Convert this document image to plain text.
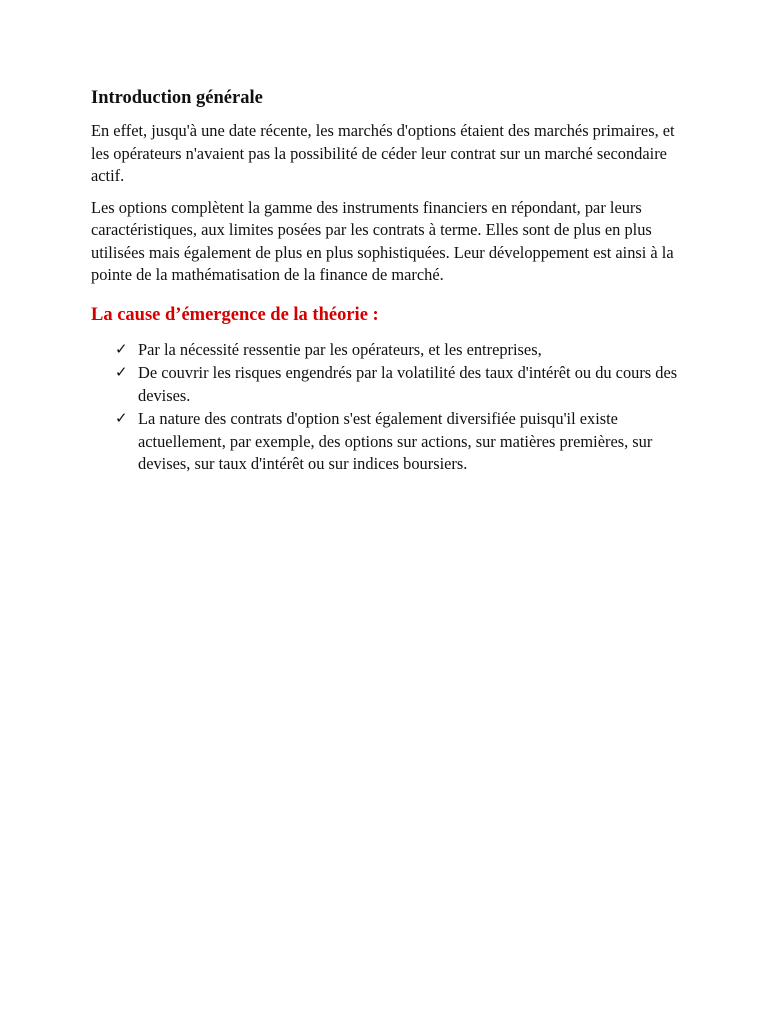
Introduction générale

En effet, jusqu'à une date récente, les marchés d'options étaient des marchés primaires, et les opérateurs n'avaient pas la possibilité de céder leur contrat sur un marché secondaire actif.

Les options complètent la gamme des instruments financiers en répondant, par leurs caractéristiques, aux limites posées par les contrats à terme. Elles sont de plus en plus utilisées mais également de plus en plus sophistiquées. Leur développement est ainsi à la pointe de la mathématisation de la finance de marché.

La cause d’émergence de la théorie :
✓ Par la nécessité ressentie par les opérateurs, et les entreprises,
✓ De couvrir les risques engendrés par la volatilité des taux d'intérêt ou du cours des devises.
✓ La nature des contrats d'option s'est également diversifiée puisqu'il existe actuellement, par exemple, des options sur actions, sur matières premières, sur devises, sur taux d'intérêt ou sur indices boursiers.
